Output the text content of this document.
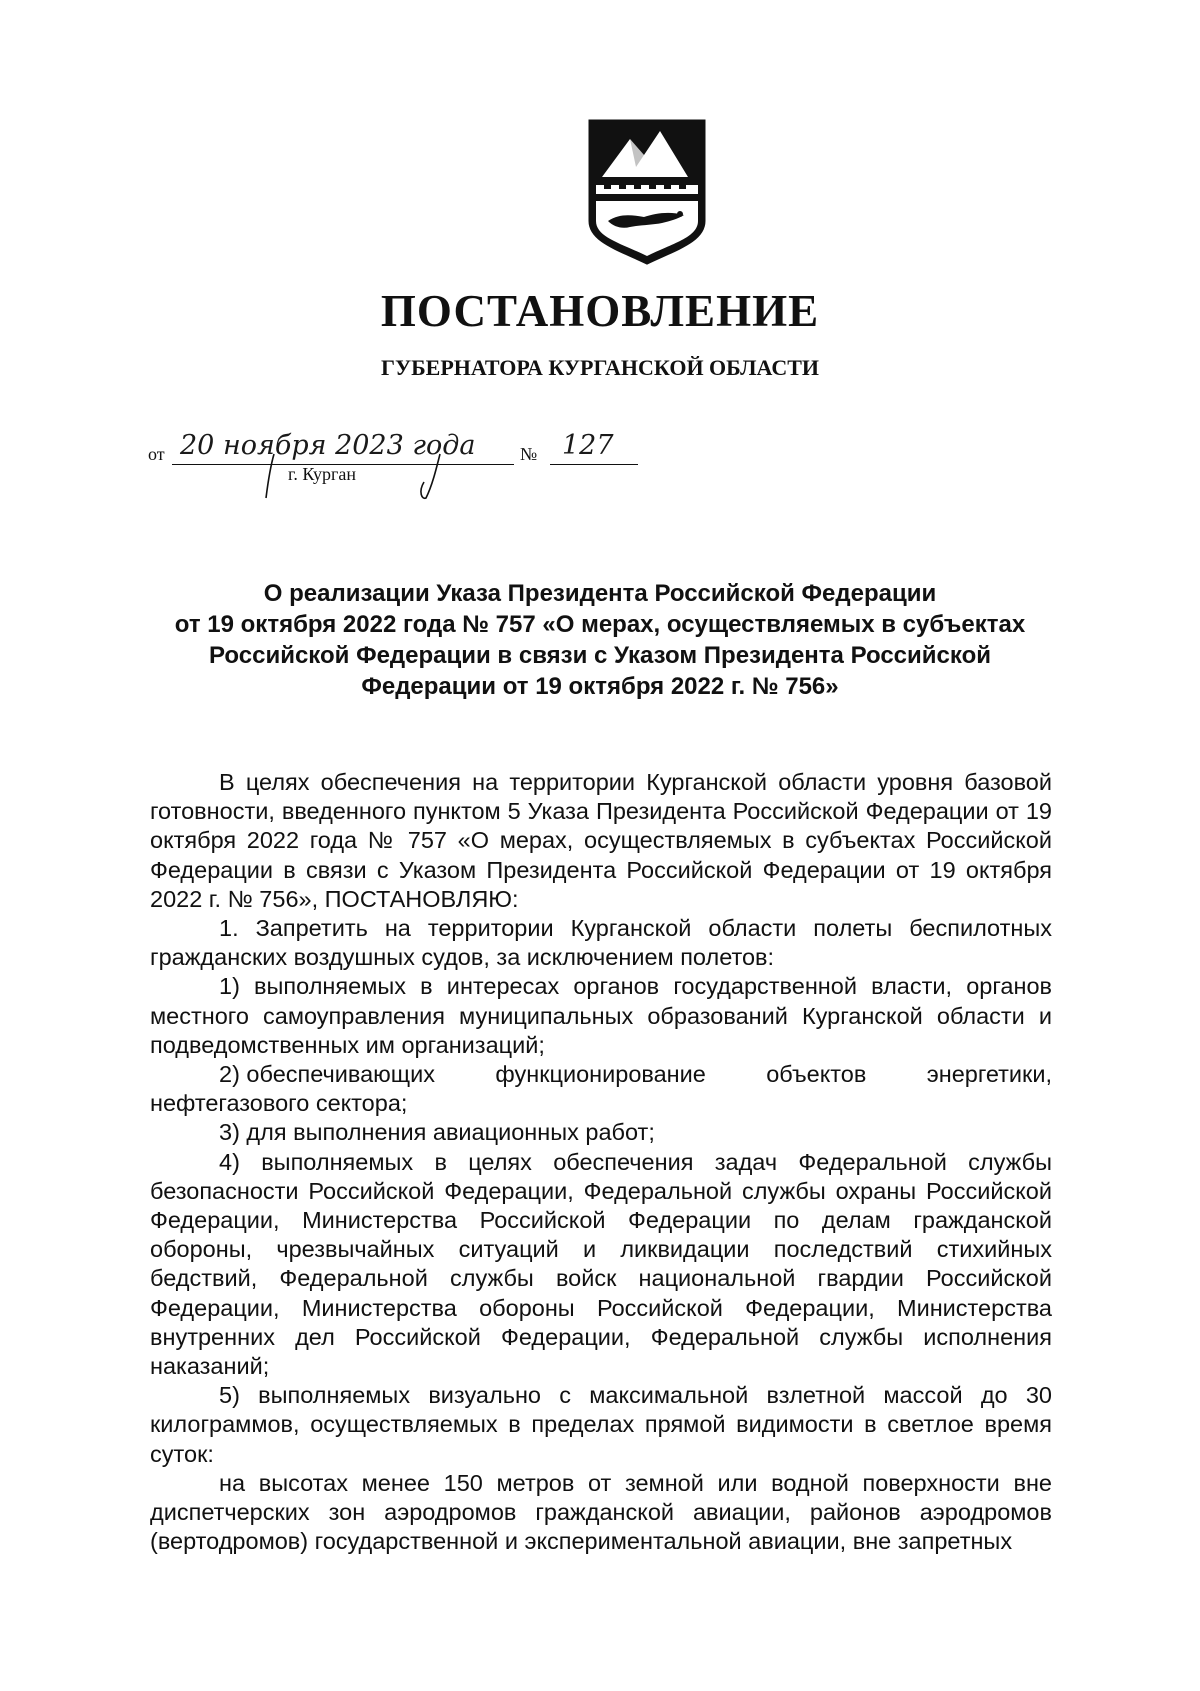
ПОСТАНОВЛЕНИЕ
ГУБЕРНАТОРА КУРГАНСКОЙ ОБЛАСТИ
от 20 ноября 2023 года № 127
г. Курган
О реализации Указа Президента Российской Федерации
от 19 октября 2022 года № 757 «О мерах, осуществляемых в субъектах
Российской Федерации в связи с Указом Президента Российской
Федерации от 19 октября 2022 г. № 756»

В целях обеспечения на территории Курганской области уровня базовой готовности, введенного пунктом 5 Указа Президента Российской Федерации от 19 октября 2022 года № 757 «О мерах, осуществляемых в субъектах Российской Федерации в связи с Указом Президента Российской Федерации от 19 октября 2022 г. № 756», ПОСТАНОВЛЯЮ:

1. Запретить на территории Курганской области полеты беспилотных гражданских воздушных судов, за исключением полетов:

1) выполняемых в интересах органов государственной власти, органов местного самоуправления муниципальных образований Курганской области и подведомственных им организаций;

2) обеспечивающих	функционирование	объектов	энергетики,
нефтегазового сектора;

3) для выполнения авиационных работ;

4) выполняемых в целях обеспечения задач Федеральной службы безопасности Российской Федерации, Федеральной службы охраны Российской Федерации, Министерства Российской Федерации по делам гражданской обороны, чрезвычайных ситуаций и ликвидации последствий стихийных бедствий, Федеральной службы войск национальной гвардии Российской Федерации, Министерства обороны Российской Федерации, Министерства внутренних дел Российской Федерации, Федеральной службы исполнения наказаний;

5) выполняемых визуально с максимальной взлетной массой до 30 килограммов, осуществляемых в пределах прямой видимости в светлое время суток:

на высотах менее 150 метров от земной или водной поверхности вне диспетчерских зон аэродромов гражданской авиации, районов аэродромов (вертодромов) государственной и экспериментальной авиации, вне запретных
